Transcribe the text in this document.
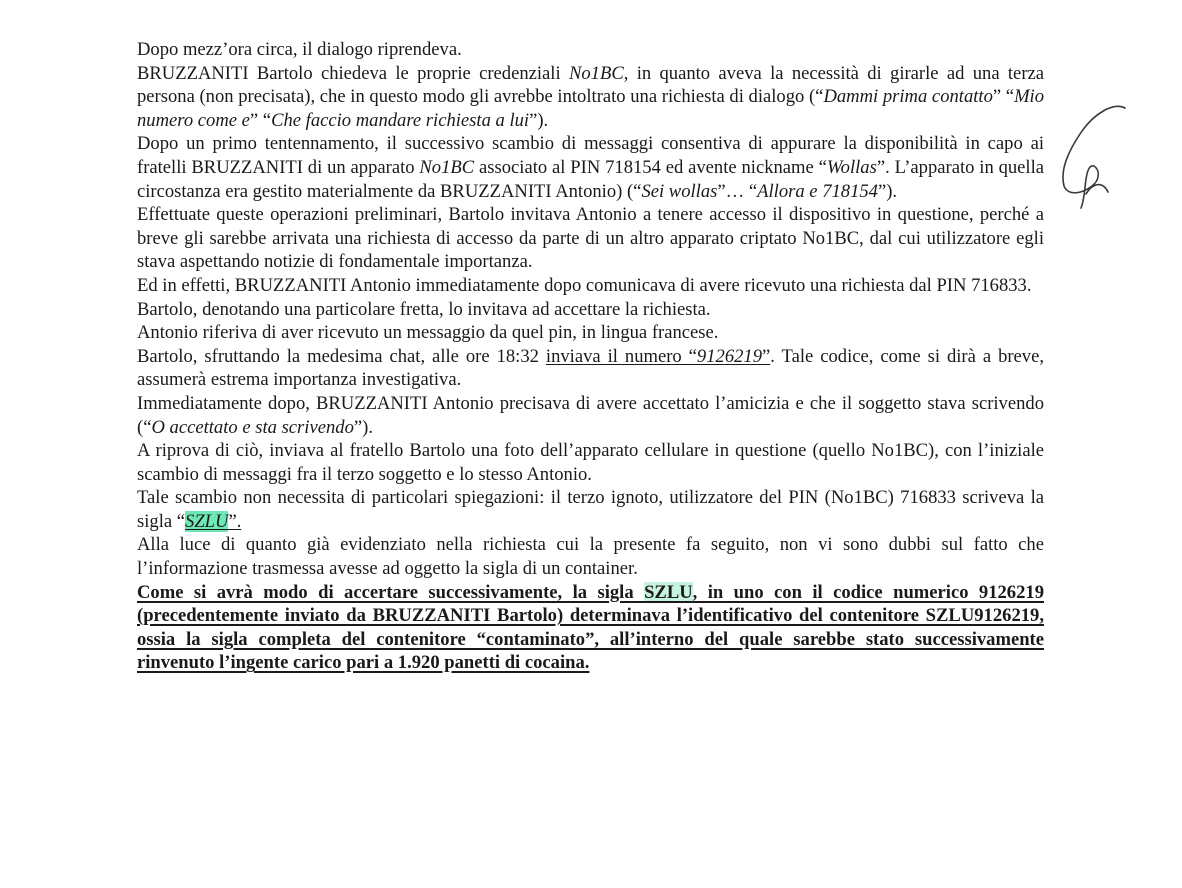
Dopo mezz’ora circa, il dialogo riprendeva.

BRUZZANITI Bartolo chiedeva le proprie credenziali No1BC, in quanto aveva la necessità di girarle ad una terza persona (non precisata), che in questo modo gli avrebbe intoltrato una richiesta di dialogo (“Dammi prima contatto” “Mio numero come e” “Che faccio mandare richiesta a lui”).

Dopo un primo tentennamento, il successivo scambio di messaggi consentiva di appurare la disponibilità in capo ai fratelli BRUZZANITI di un apparato No1BC associato al PIN 718154 ed avente nickname “Wollas”. L’apparato in quella circostanza era gestito materialmente da BRUZZANITI Antonio) (“Sei wollas”… “Allora e 718154”).

Effettuate queste operazioni preliminari, Bartolo invitava Antonio a tenere accesso il dispositivo in questione, perché a breve gli sarebbe arrivata una richiesta di accesso da parte di un altro apparato criptato No1BC, dal cui utilizzatore egli stava aspettando notizie di fondamentale importanza.

Ed in effetti, BRUZZANITI Antonio immediatamente dopo comunicava di avere ricevuto una richiesta dal PIN 716833.

Bartolo, denotando una particolare fretta, lo invitava ad accettare la richiesta.

Antonio riferiva di aver ricevuto un messaggio da quel pin, in lingua francese.

Bartolo, sfruttando la medesima chat, alle ore 18:32 inviava il numero “9126219”. Tale codice, come si dirà a breve, assumerà estrema importanza investigativa.

Immediatamente dopo, BRUZZANITI Antonio precisava di avere accettato l’amicizia e che il soggetto stava scrivendo (“O accettato e sta scrivendo”).

A riprova di ciò, inviava al fratello Bartolo una foto dell’apparato cellulare in questione (quello No1BC), con l’iniziale scambio di messaggi fra il terzo soggetto e lo stesso Antonio.

Tale scambio non necessita di particolari spiegazioni: il terzo ignoto, utilizzatore del PIN (No1BC) 716833 scriveva la sigla “SZLU”.

Alla luce di quanto già evidenziato nella richiesta cui la presente fa seguito, non vi sono dubbi sul fatto che l’informazione trasmessa avesse ad oggetto la sigla di un container.

Come si avrà modo di accertare successivamente, la sigla SZLU, in uno con il codice numerico 9126219 (precedentemente inviato da BRUZZANITI Bartolo) determinava l’identificativo del contenitore SZLU9126219, ossia la sigla completa del contenitore “contaminato”, all’interno del quale sarebbe stato successivamente rinvenuto l’ingente carico pari a 1.920 panetti di cocaina.
